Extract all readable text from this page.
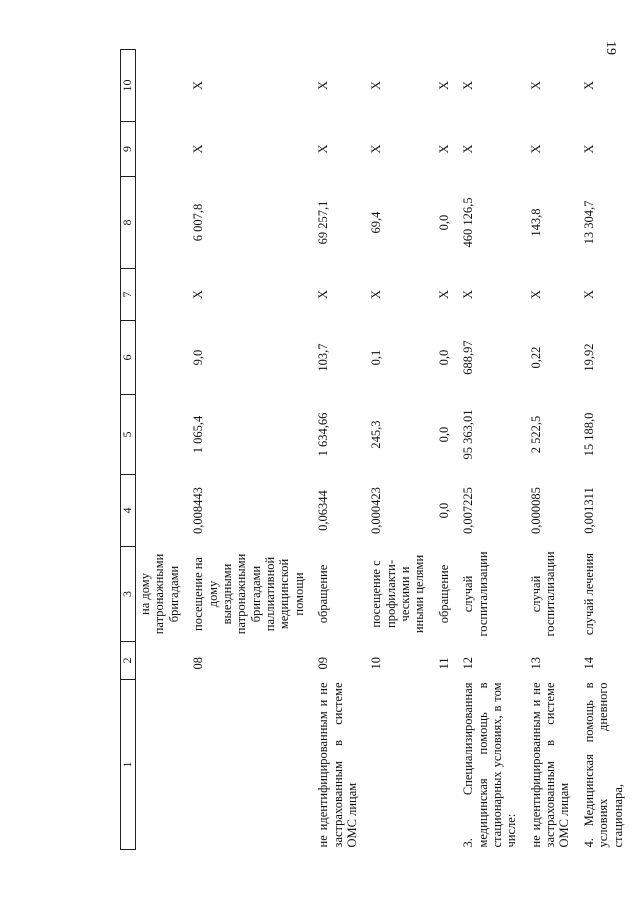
19
1	2	3	4	5	6	7	8	9	10
		на дому патронажными бригадами							
	08	посещение на дому выездными патронажными бригадами паллиативной медицинской помощи	0,008443	1 065,4	9,0	X	6 007,8	X	X
не идентифицированным и не застрахованным в системе ОМС лицам	09	обращение	0,06344	1 634,66	103,7	X	69 257,1	X	X
	10	посещение с профилакти-ческими и иными целями	0,000423	245,3	0,1	X	69,4	X	X
	11	обращение	0,0	0,0	0,0	X	0,0	X	X
3. Специализированная медицинская помощь в стационарных условиях, в том числе:	12	случай госпитализации	0,007225	95 363,01	688,97	X	460 126,5	X	X
не идентифицированным и не застрахованным в системе ОМС лицам	13	случай госпитализации	0,000085	2 522,5	0,22	X	143,8	X	X
4. Медицинская помощь в условиях дневного стационара,	14	случай лечения	0,001311	15 188,0	19,92	X	13 304,7	X	X
